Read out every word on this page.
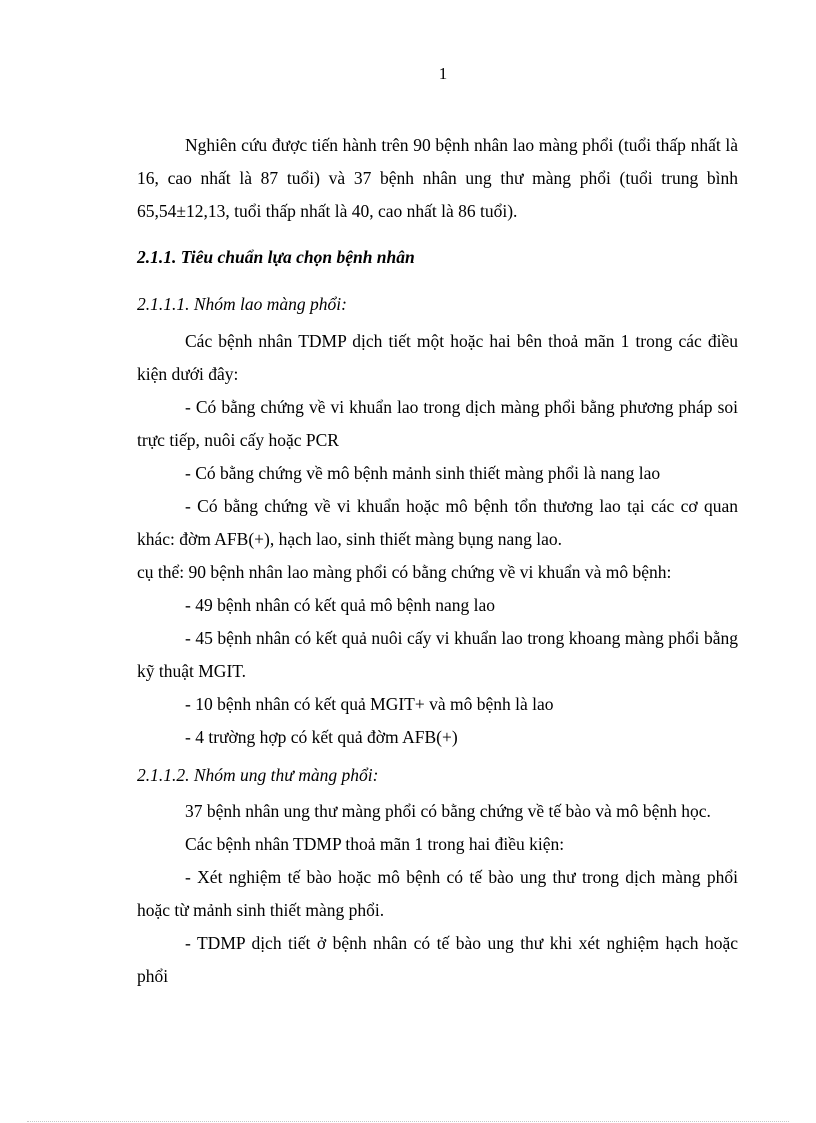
1

Nghiên cứu được tiến hành trên 90 bệnh nhân lao màng phổi (tuổi thấp nhất là 16, cao nhất là 87 tuổi) và 37 bệnh nhân ung thư màng phổi (tuổi trung bình 65,54±12,13, tuổi thấp nhất là 40, cao nhất là 86 tuổi).

2.1.1. Tiêu chuẩn lựa chọn bệnh nhân

2.1.1.1. Nhóm lao màng phổi:

Các bệnh nhân TDMP dịch tiết một hoặc hai bên thoả mãn 1 trong các điều kiện dưới đây:

- Có bằng chứng về vi khuẩn lao trong dịch màng phổi bằng phương pháp soi trực tiếp, nuôi cấy hoặc PCR

- Có bằng chứng về mô bệnh mảnh sinh thiết màng phổi là nang lao

- Có bằng chứng về vi khuẩn hoặc mô bệnh tổn thương lao tại các cơ quan khác: đờm AFB(+), hạch lao, sinh thiết màng bụng nang lao.

cụ thể: 90 bệnh nhân lao màng phổi có bằng chứng về vi khuẩn và mô bệnh:

- 49 bệnh nhân có kết quả mô bệnh nang lao

- 45 bệnh nhân có kết quả nuôi cấy vi khuẩn lao trong khoang màng phổi bằng kỹ thuật MGIT.

- 10 bệnh nhân có kết quả MGIT+ và mô bệnh là lao

- 4 trường hợp có kết quả đờm AFB(+)

2.1.1.2. Nhóm ung thư màng phổi:

37 bệnh nhân ung thư màng phổi có bằng chứng về tế bào và mô bệnh học.

Các bệnh nhân TDMP thoả mãn 1 trong hai điều kiện:

- Xét nghiệm tế bào hoặc mô bệnh có tế bào ung thư trong dịch màng phổi hoặc từ mảnh sinh thiết màng phổi.

- TDMP dịch tiết ở bệnh nhân có tế bào ung thư khi xét nghiệm hạch hoặc phổi
